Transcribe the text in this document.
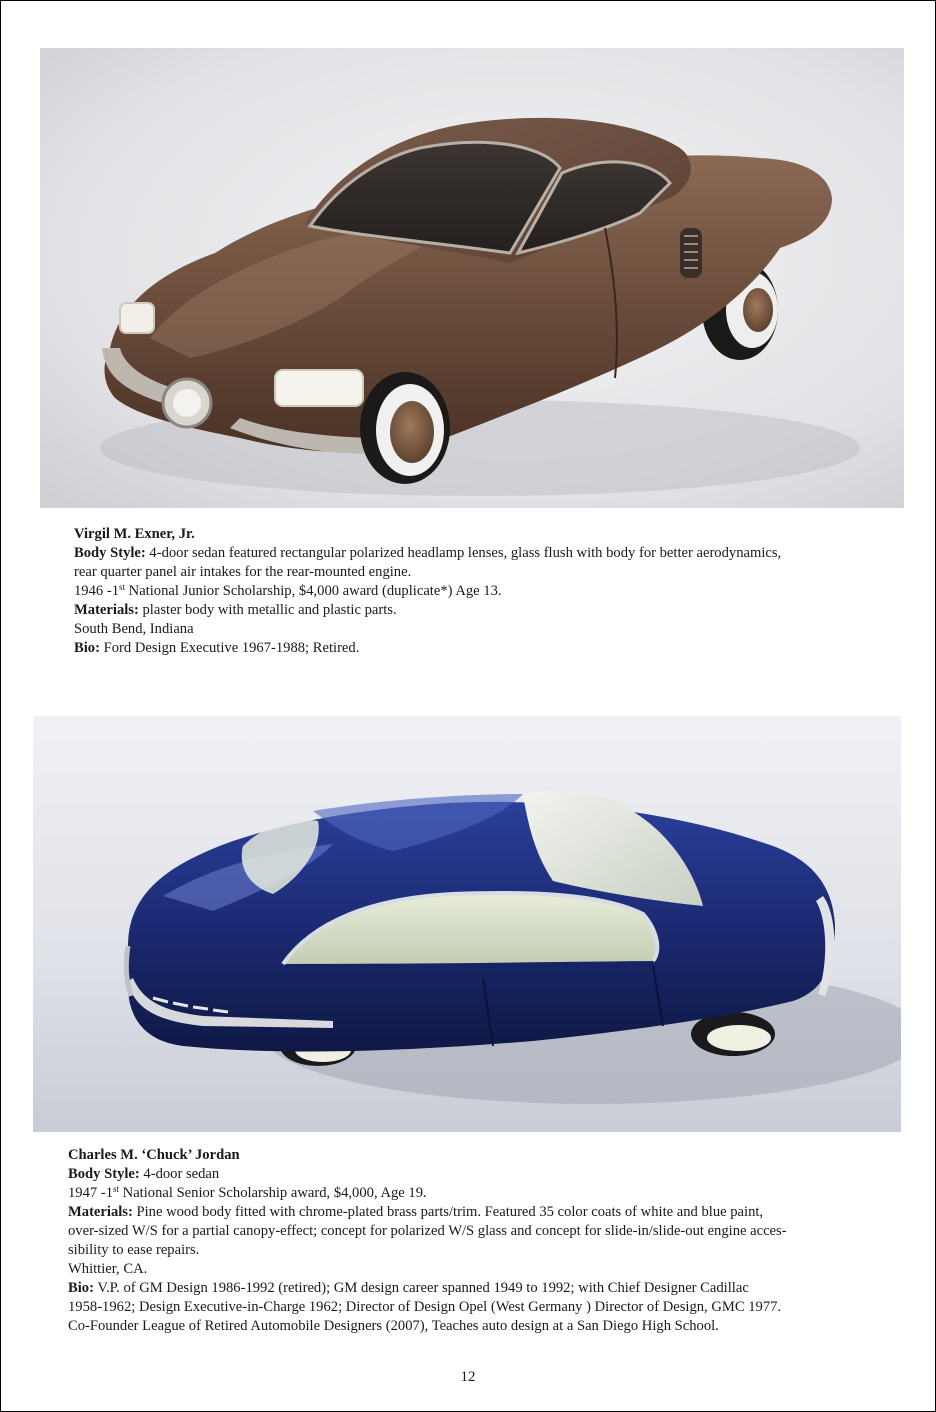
Virgil M. Exner, Jr.

Body Style: 4-door sedan featured rectangular polarized headlamp lenses, glass flush with body for better aerodynamics,

rear quarter panel air intakes for the rear-mounted engine.

1946 -1st National Junior Scholarship, $4,000 award (duplicate*) Age 13.

Materials: plaster body with metallic and plastic parts.

South Bend, Indiana

Bio: Ford Design Executive 1967-1988; Retired.

Charles M. ‘Chuck’ Jordan

Body Style: 4-door sedan

1947 -1st National Senior Scholarship award, $4,000, Age 19.

Materials: Pine wood body fitted with chrome-plated brass parts/trim. Featured 35 color coats of white and blue paint,

over-sized W/S for a partial canopy-effect; concept for polarized W/S glass and concept for slide-in/slide-out engine acces-

sibility to ease repairs.

Whittier, CA.

Bio: V.P. of GM Design 1986-1992 (retired); GM design career spanned 1949 to 1992; with Chief Designer Cadillac

1958-1962; Design Executive-in-Charge 1962; Director of Design Opel (West Germany ) Director of Design, GMC 1977.

Co-Founder League of Retired Automobile Designers (2007), Teaches auto design at a San Diego High School.

12
